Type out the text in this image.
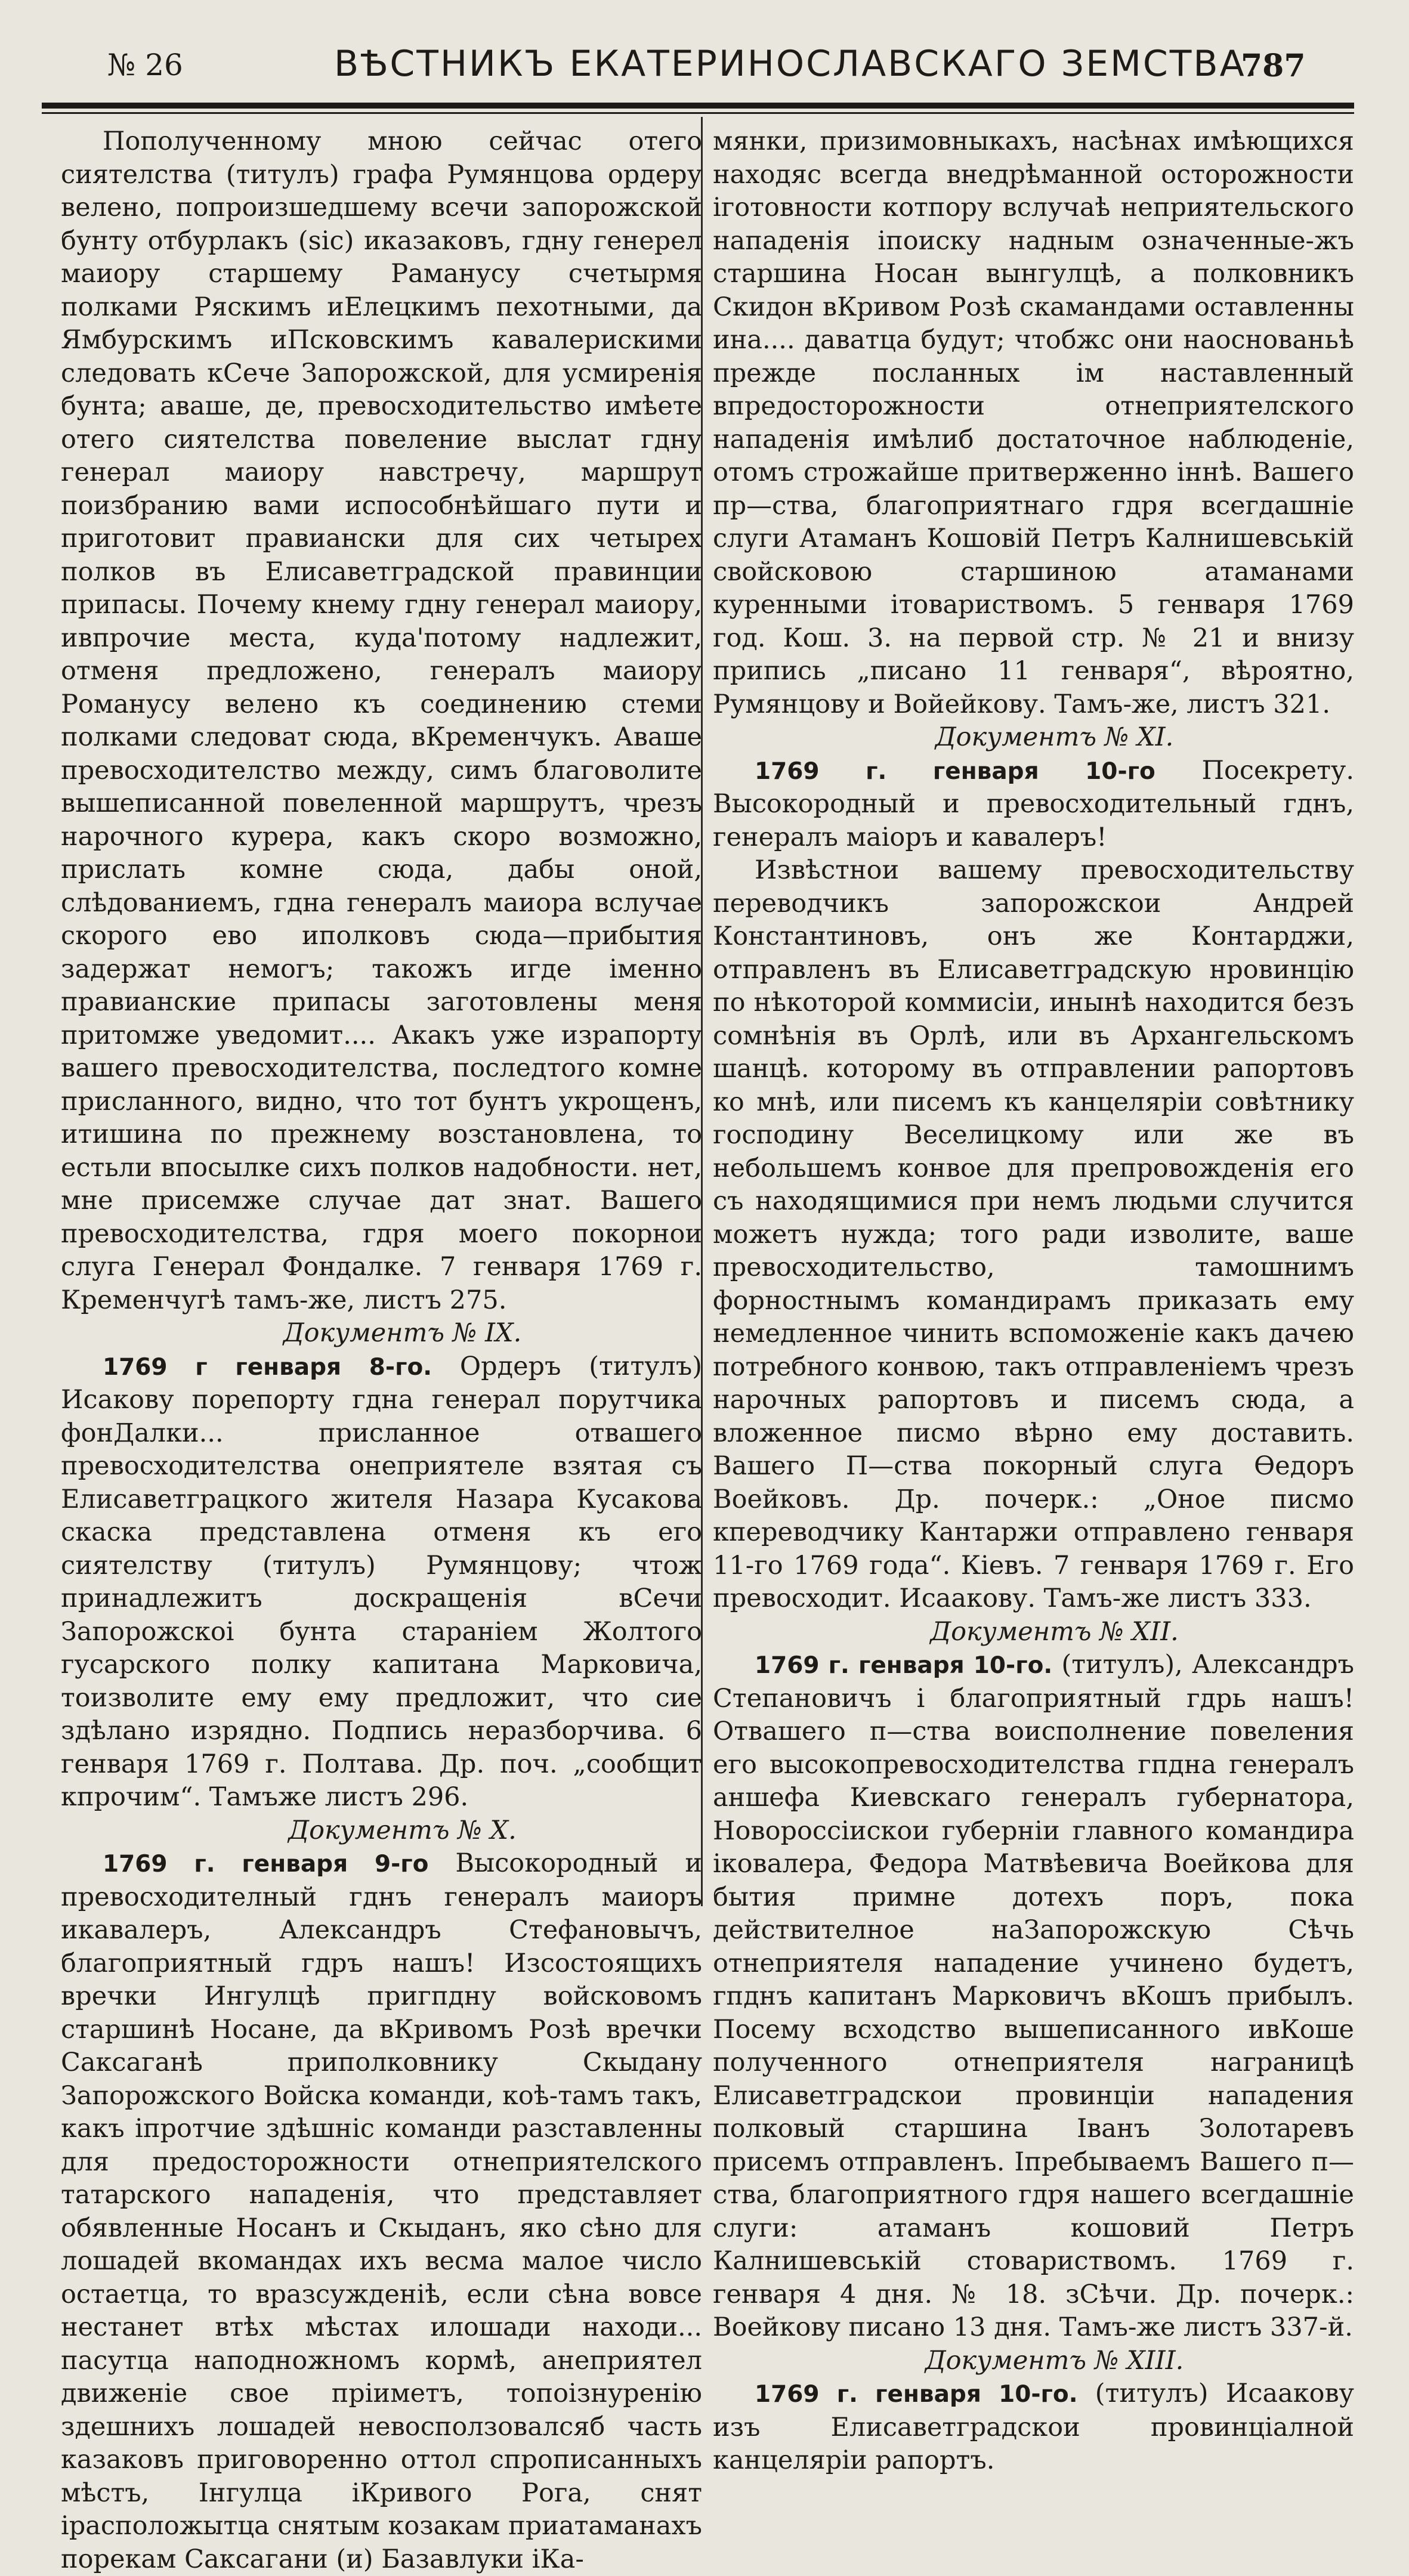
№ 26	ВѢСТНИКЪ ЕКАТЕРИНОСЛАВСКАГО ЗЕМСТВА.
787

Пополученному мною сейчас отего сиятелства (титулъ) графа Румянцова ордеру велено, попроизшедшему всечи запорожской бунту отбурлакъ (sic) иказаковъ, гдну генерел маиору старшему Раманусу счетырмя полками Ряскимъ иЕлецкимъ пехотными, да Ямбурскимъ иПсковскимъ кавалерискими следовать кСече Запорожской, для усмиренія бунта; аваше, де, превосходительство имѣете отего сиятелства повеление выслат гдну генерал маиору навстречу, маршрут поизбранию вами испособнѣйшаго пути и приготовит правиански для сих четырех полков въ Елисаветградской правинции припасы. Почему кнему гдну генерал маиору, ивпрочие места, куда'потому надлежит, отменя предложено, генералъ маиору Романусу велено къ соединению стеми полками следоват сюда, вКременчукъ. Аваше превосходителство между, симъ благоволите вышеписанной повеленной маршрутъ, чрезъ нарочного курера, какъ скоро возможно, прислать комне сюда, дабы оной, слѣдованиемъ, гдна генералъ маиора вслучае скорого ево иполковъ сюда—прибытия задержат немогъ; такожъ игде іменно правианские припасы заготовлены меня притомже уведомит.... Акакъ уже израпорту вашего превосходителства, последтого комне присланного, видно, что тот бунтъ укрощенъ, итишина по прежнему возстановлена, то естьли впосылке сихъ полков надобности. нет, мне присемже случае дат знат. Вашего превосходителства, гдря моего покорнои слуга Генерал Фондалке. 7 генваря 1769 г. Кременчугѣ тамъ-же, листъ 275.

Документъ № IX.

1769 г генваря 8-го. Ордеръ (титулъ) Исакову порепорту гдна генерал порутчика фонДалки... присланное отвашего превосходителства онеприятеле взятая съ Елисаветграцкого жителя Назара Кусакова скаска представлена отменя къ его сиятелству (титулъ) Румянцову; чтож принадлежитъ доскращенія вСечи Запорожскоі бунта стараніем Жолтого гусарского полку капитана Марковича, тоизволите ему ему предложит, что сие здѣлано изрядно. Подпись неразборчива. 6 генваря 1769 г. Полтава. Др. поч. „сообщит кпрочим“. Тамъже листъ 296.

Документъ № X.

1769 г. генваря 9-го Высокородный и превосходителный гднъ генералъ маиоръ икавалеръ, Александръ Стефановычъ, благоприятный гдръ нашъ! Изсостоящихъ вречки Ингулцѣ пригпдну войсковомъ старшинѣ Носане, да вКривомъ Розѣ вречки Саксаганѣ приполковнику Скыдану Запорожского Войска команди, коѣ-тамъ такъ, какъ іпротчие здѣшніс команди разставленны для предосторожности отнеприятелского татарского нападенія, что представляет обявленные Носанъ и Скыданъ, яко сѣно для лошадей вкомандах ихъ весма малое число остаетца, то вразсужденіѣ, если сѣна вовсе нестанет втѣх мѣстах илошади находи... пасутца наподножномъ кормѣ, анеприятел движеніе свое пріиметъ, топоізнуренію здешнихъ лошадей невосползовалсяб часть казаковъ приговоренно оттол спрописанныхъ мѣстъ, Інгулца іКривого Рога, снят ірасположытца снятым козакам приатаманахъ порекам Саксагани (и) Базавлуки іКа-

мянки, призимовныкахъ, насѣнах имѣющихся находяс всегда внедрѣманной осторожности іготовности котпору вслучаѣ неприятельского нападенія іпоиску надным означенные-жъ старшина Носан вынгулцѣ, а полковникъ Скидон вКривом Розѣ скамандами оставленны ина.... даватца будут; чтобжс они наоснованьѣ прежде посланных ім наставленный впредосторожности отнеприятелского нападенія имѣлиб достаточное наблюденіе, отомъ строжайше притверженно іннѣ. Вашего пр—ства, благоприятнаго гдря всегдашніе слуги Атаманъ Кошовій Петръ Калнишевській свойсковою старшиною атаманами куренными ітовариствомъ. 5 генваря 1769 год. Кош. 3. на первой стр. № 21 и внизу припись „писано 11 генваря“, вѣроятно, Румянцову и Войейкову. Тамъ-же, листъ 321.

Документъ № XI.

1769 г. генваря 10-го Посекрету. Высокородный и превосходительный гднъ, генералъ маіоръ и кавалеръ!

Извѣстнои вашему превосходительству переводчикъ запорожскои Андрей Константиновъ, онъ же Контарджи, отправленъ въ Елисаветградскую нровинцію по нѣкоторой коммисіи, инынѣ находится безъ сомнѣнія въ Орлѣ, или въ Архангельскомъ шанцѣ. которому въ отправлении рапортовъ ко мнѣ, или писемъ къ канцеляріи совѣтнику господину Веселицкому или же въ небольшемъ конвое для препровожденія его съ находящимися при немъ людьми случится можетъ нужда; того ради изволите, ваше превосходительство, тамошнимъ форностнымъ командирамъ приказать ему немедленное чинить вспоможеніе какъ дачею потребного конвою, такъ отправленіемъ чрезъ нарочных рапортовъ и писемъ сюда, а вложенное писмо вѣрно ему доставить. Вашего П—ства покорный слуга Ѳедоръ Воейковъ. Др. почерк.: „Оное писмо кпереводчику Кантаржи отправлено генваря 11-го 1769 года“. Кіевъ. 7 генваря 1769 г. Его превосходит. Исаакову. Тамъ-же листъ 333.

Документъ № XII.

1769 г. генваря 10-го. (титулъ), Александръ Степановичъ і благоприятный гдрь нашъ! Отвашего п—ства воисполнение повеления его высокопревосходителства гпдна генералъ аншефа Киевскаго генералъ губернатора, Новороссіискои губерніи главного командира іковалера, Федора Матвѣевича Воейкова для бытия примне дотехъ поръ, пока действителное наЗапорожскую Сѣчь отнеприятеля нападение учинено будетъ, гпднъ капитанъ Марковичъ вКошъ прибылъ. Посему всходство вышеписанного ивКоше полученного отнеприятеля награницѣ Елисаветградскои провинціи нападения полковый старшина Іванъ Золотаревъ присемъ отправленъ. Іпребываемъ Вашего п—ства, благоприятного гдря нашего всегдашніе слуги: атаманъ кошовий Петръ Калнишевській стовариствомъ. 1769 г. генваря 4 дня. № 18. зСѣчи. Др. почерк.: Воейкову писано 13 дня. Тамъ-же листъ 337-й.

Документъ № XIII.

1769 г. генваря 10-го. (титулъ) Исаакову изъ Елисаветградскои провинціалной канцеляріи рапортъ.
